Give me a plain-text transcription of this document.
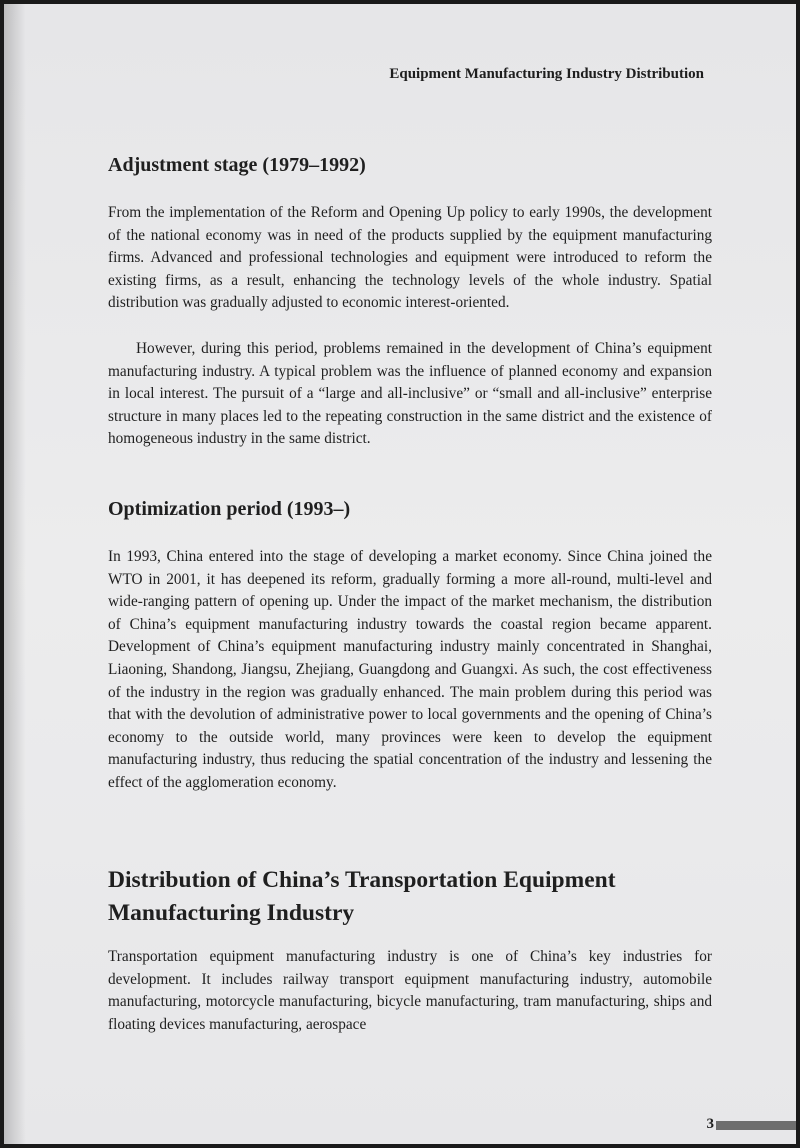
Equipment Manufacturing Industry Distribution
Adjustment stage (1979–1992)

From the implementation of the Reform and Opening Up policy to early 1990s, the development of the national economy was in need of the products supplied by the equipment manufacturing firms. Advanced and professional technologies and equipment were introduced to reform the existing firms, as a result, enhancing the technology levels of the whole industry. Spatial distribution was gradually adjusted to economic interest-oriented.

However, during this period, problems remained in the development of China’s equipment manufacturing industry. A typical problem was the influence of planned economy and expansion in local interest. The pursuit of a “large and all-inclusive” or “small and all-inclusive” enterprise structure in many places led to the repeating construction in the same district and the existence of homogeneous industry in the same district.

Optimization period (1993–)

In 1993, China entered into the stage of developing a market economy. Since China joined the WTO in 2001, it has deepened its reform, gradually forming a more all-round, multi-level and wide-ranging pattern of opening up. Under the impact of the market mechanism, the distribution of China’s equipment manufacturing industry towards the coastal region became apparent. Development of China’s equipment manufacturing industry mainly concentrated in Shanghai, Liaoning, Shandong, Jiangsu, Zhejiang, Guangdong and Guangxi. As such, the cost effectiveness of the industry in the region was gradually enhanced. The main problem during this period was that with the devolution of administrative power to local governments and the opening of China’s economy to the outside world, many provinces were keen to develop the equipment manufacturing industry, thus reducing the spatial concentration of the industry and lessening the effect of the agglomeration economy.

Distribution of China’s Transportation Equipment Manufacturing Industry

Transportation equipment manufacturing industry is one of China’s key industries for development. It includes railway transport equipment manufacturing industry, automobile manufacturing, motorcycle manufacturing, bicycle manufacturing, tram manufacturing, ships and floating devices manufacturing, aerospace

3
